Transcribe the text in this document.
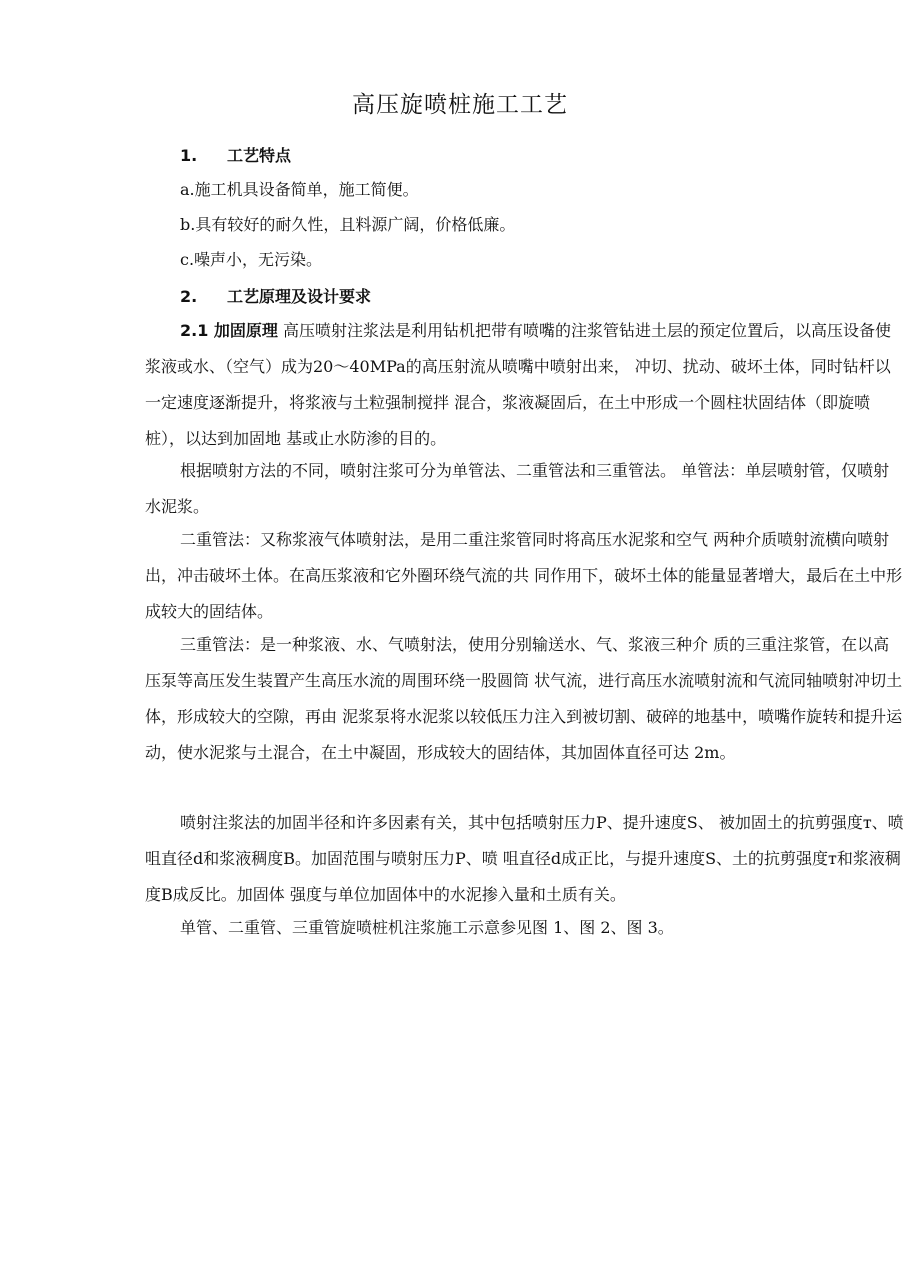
高压旋喷桩施工工艺
1. 工艺特点
a.施工机具设备简单，施工简便。
b.具有较好的耐久性，且料源广阔，价格低廉。
c.噪声小，无污染。
2. 工艺原理及设计要求

2.1 加固原理 高压喷射注浆法是利用钻机把带有喷嘴的注浆管钻进土层的预定位置后，以高压设备使浆液或水、（空气）成为20〜40MPa的高压射流从喷嘴中喷射出来， 冲切、扰动、破坏土体，同时钻杆以一定速度逐渐提升，将浆液与土粒强制搅拌 混合，浆液凝固后，在土中形成一个圆柱状固结体（即旋喷桩），以达到加固地 基或止水防渗的目的。

根据喷射方法的不同，喷射注浆可分为单管法、二重管法和三重管法。 单管法：单层喷射管，仅喷射水泥浆。

二重管法：又称浆液气体喷射法，是用二重注浆管同时将高压水泥浆和空气 两种介质喷射流横向喷射出，冲击破坏土体。在高压浆液和它外圈环绕气流的共 同作用下，破坏土体的能量显著增大，最后在土中形成较大的固结体。

三重管法：是一种浆液、水、气喷射法，使用分别输送水、气、浆液三种介 质的三重注浆管，在以高压泵等高压发生装置产生高压水流的周围环绕一股圆筒 状气流，进行高压水流喷射流和气流同轴喷射冲切土体，形成较大的空隙，再由 泥浆泵将水泥浆以较低压力注入到被切割、破碎的地基中，喷嘴作旋转和提升运 动，使水泥浆与土混合，在土中凝固，形成较大的固结体，其加固体直径可达 2m。

喷射注浆法的加固半径和许多因素有关，其中包括喷射压力P、提升速度S、 被加固土的抗剪强度т、喷咀直径d和浆液稠度B。加固范围与喷射压力P、喷 咀直径d成正比，与提升速度S、土的抗剪强度т和浆液稠度B成反比。加固体 强度与单位加固体中的水泥掺入量和土质有关。

单管、二重管、三重管旋喷桩机注浆施工示意参见图 1、图 2、图 3。
